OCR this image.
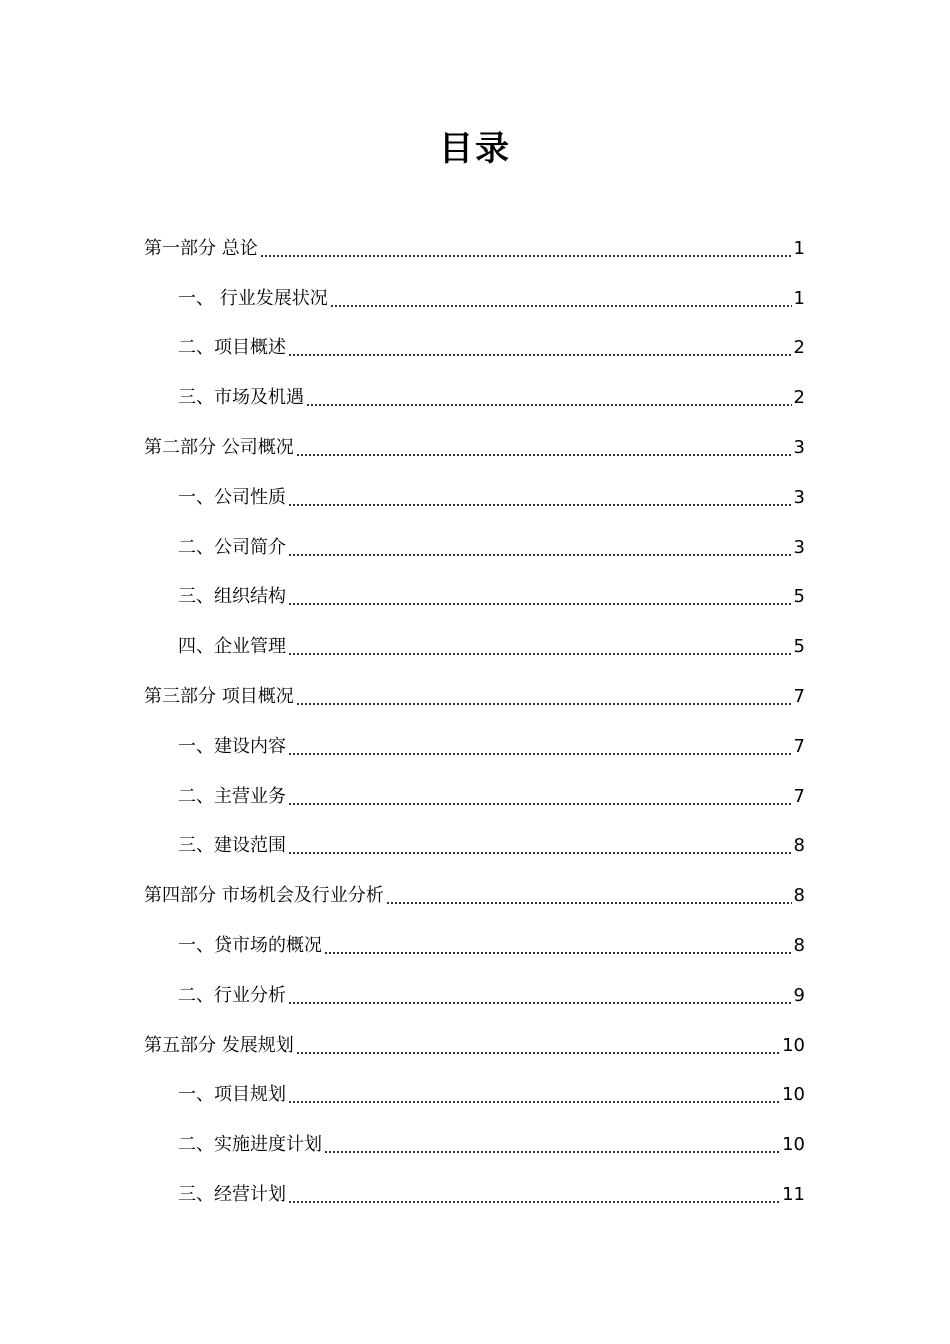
目录
第一部分 总论	1
一、 行业发展状况	1
二、项目概述	2
三、市场及机遇	2
第二部分 公司概况	3
一、公司性质	3
二、公司简介	3
三、组织结构	5
四、企业管理	5
第三部分 项目概况	7
一、建设内容	7
二、主营业务	7
三、建设范围	8
第四部分 市场机会及行业分析	8
一、贷市场的概况	8
二、行业分析	9
第五部分 发展规划	10
一、项目规划	10
二、实施进度计划	10
三、经营计划	11
